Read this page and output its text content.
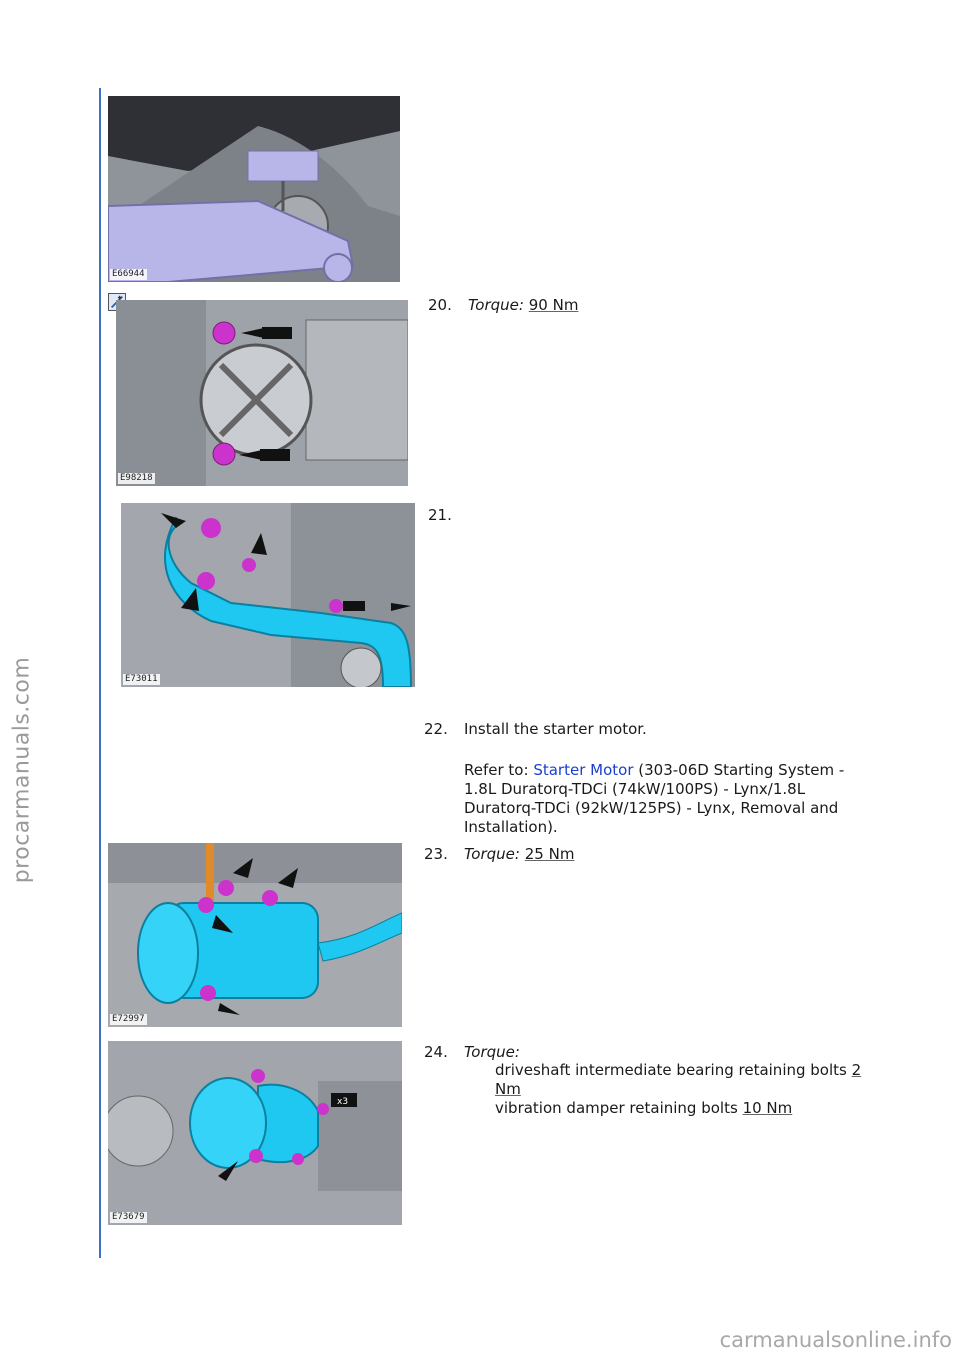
procarmanuals.com
E66944
E98218
20. Torque: 90 Nm
E73011
21.
22. Install the starter motor.
Refer to: Starter Motor (303-06D Starting System -
1.8L Duratorq-TDCi (74kW/100PS) - Lynx/1.8L
Duratorq-TDCi (92kW/125PS) - Lynx, Removal and
Installation).
E72997
23. Torque: 25 Nm
x3
E73679
24. Torque:
driveshaft intermediate bearing retaining bolts 2
Nm
vibration damper retaining bolts 10 Nm
carmanualsonline.info
